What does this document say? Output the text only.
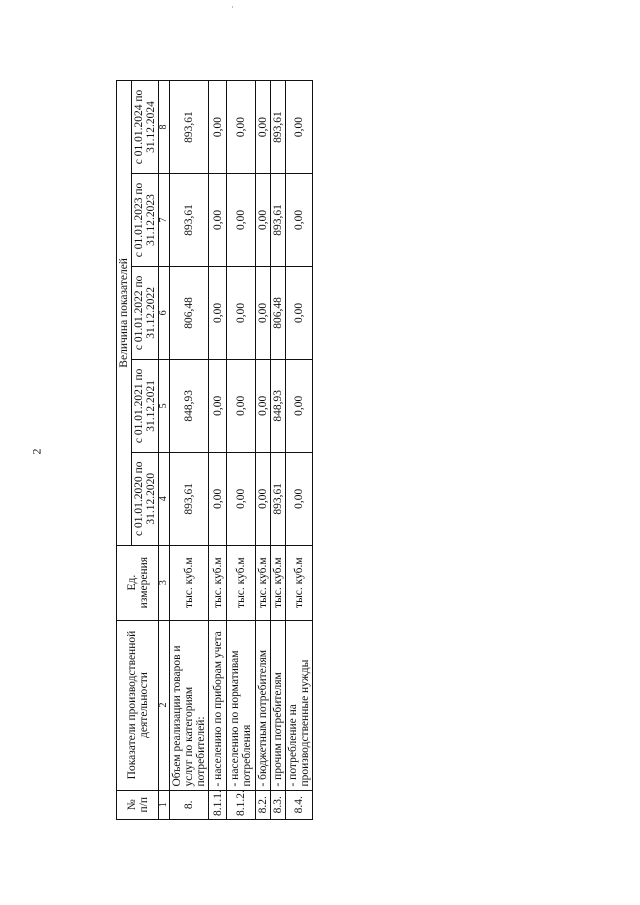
2
№
п/п	Показатели производственной деятельности	Ед. измерения	Величина показателей				
			с 01.01.2020 по 31.12.2020	с 01.01.2021 по 31.12.2021	с 01.01.2022 по 31.12.2022	с 01.01.2023 по 31.12.2023	с 01.01.2024 по 31.12.2024
1	2	3	4	5	6	7	8
8.	Объем реализации товаров и услуг по категориям потребителей:	тыс. куб.м	893,61	848,93	806,48	893,61	893,61
8.1.1.	- населению по приборам учета	тыс. куб.м	0,00	0,00	0,00	0,00	0,00
8.1.2.	- населению по нормативам потребления	тыс. куб.м	0,00	0,00	0,00	0,00	0,00
8.2.	- бюджетным потребителям	тыс. куб.м	0,00	0,00	0,00	0,00	0,00
8.3.	- прочим потребителям	тыс. куб.м	893,61	848,93	806,48	893,61	893,61
8.4.	- потребление на производственные нужды	тыс. куб.м	0,00	0,00	0,00	0,00	0,00
